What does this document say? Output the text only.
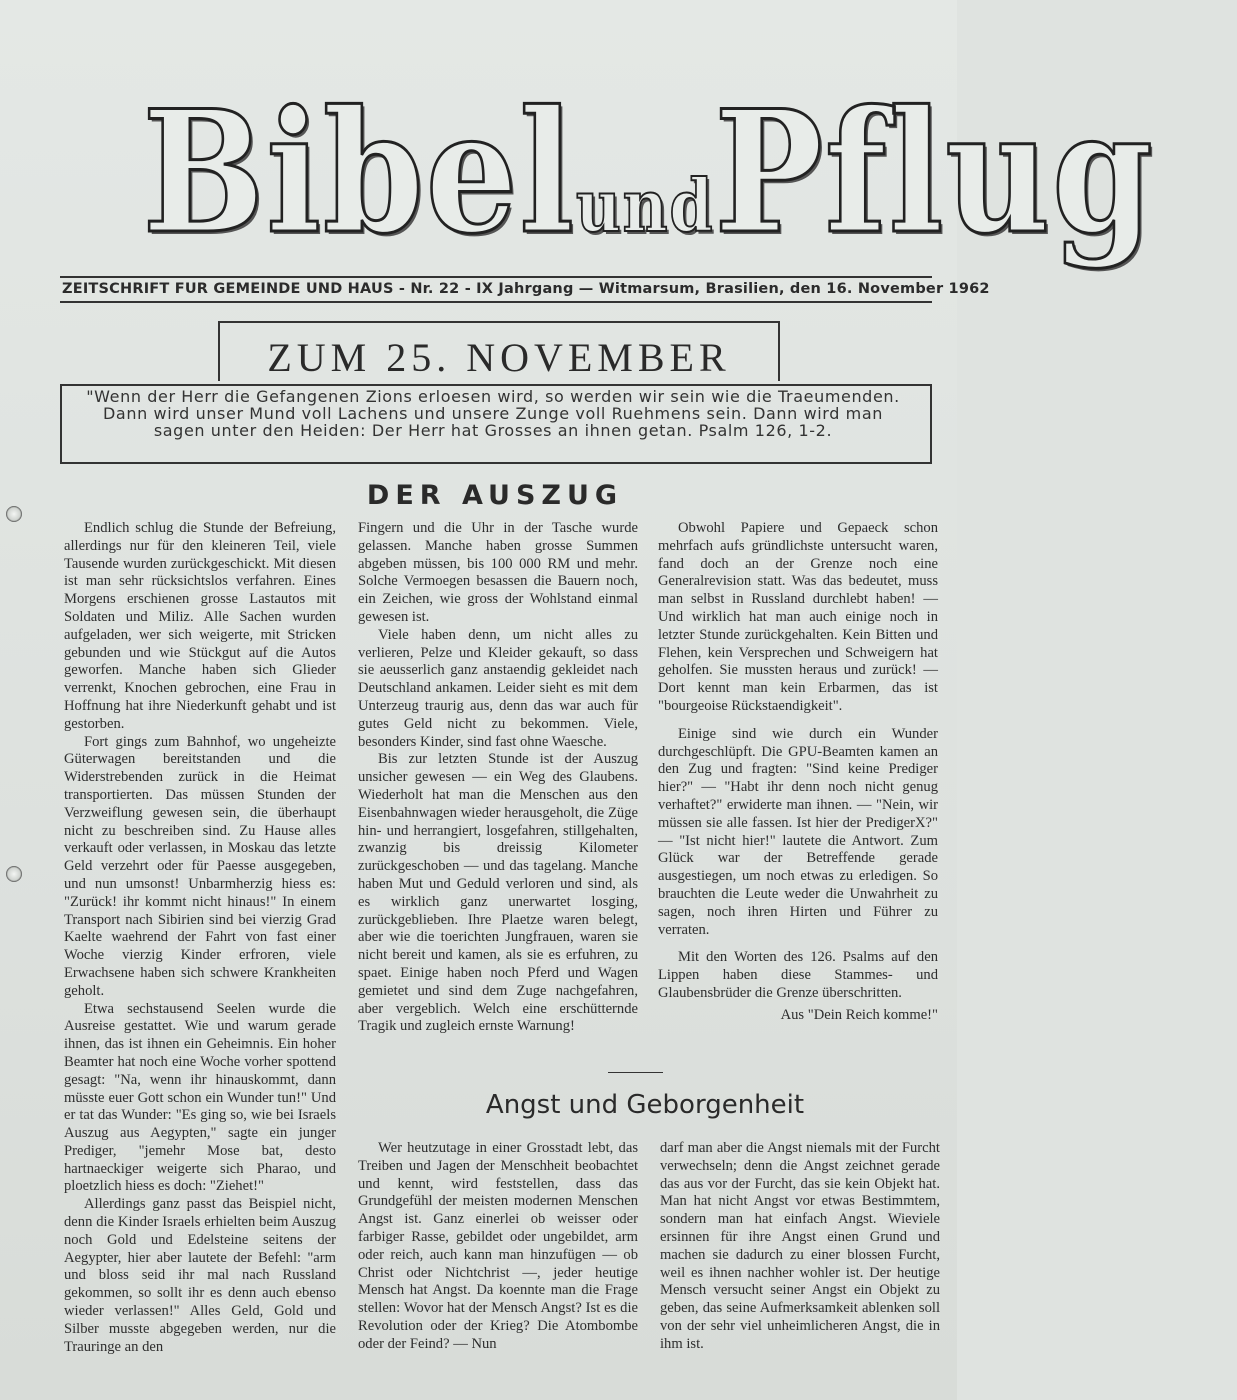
BibelundPflug
ZEITSCHRIFT FUR GEMEINDE UND HAUS - Nr. 22 - IX Jahrgang — Witmarsum, Brasilien, den 16. November 1962
ZUM 25. NOVEMBER
"Wenn der Herr die Gefangenen Zions erloesen wird, so werden wir sein wie die Traeumenden. Dann wird unser Mund voll Lachens und unsere Zunge voll Ruehmens sein. Dann wird man sagen unter den Heiden: Der Herr hat Grosses an ihnen getan. Psalm 126, 1-2.
DER AUSZUG

Endlich schlug die Stunde der Befreiung, allerdings nur für den kleineren Teil, viele Tausende wurden zurückgeschickt. Mit diesen ist man sehr rücksichtslos verfahren. Eines Morgens erschienen grosse Lastautos mit Soldaten und Miliz. Alle Sachen wurden aufgeladen, wer sich weigerte, mit Stricken gebunden und wie Stückgut auf die Autos geworfen. Manche haben sich Glieder verrenkt, Knochen gebrochen, eine Frau in Hoffnung hat ihre Niederkunft gehabt und ist gestorben.

Fort gings zum Bahnhof, wo ungeheizte Güterwagen bereitstanden und die Widerstrebenden zurück in die Heimat transportierten. Das müssen Stunden der Verzweiflung gewesen sein, die überhaupt nicht zu beschreiben sind. Zu Hause alles verkauft oder verlassen, in Moskau das letzte Geld verzehrt oder für Paesse ausgegeben, und nun umsonst! Unbarmherzig hiess es: "Zurück! ihr kommt nicht hinaus!" In einem Transport nach Sibirien sind bei vierzig Grad Kaelte waehrend der Fahrt von fast einer Woche vierzig Kinder erfroren, viele Erwachsene haben sich schwere Krankheiten geholt.

Etwa sechstausend Seelen wurde die Ausreise gestattet. Wie und warum gerade ihnen, das ist ihnen ein Geheimnis. Ein hoher Beamter hat noch eine Woche vorher spottend gesagt: "Na, wenn ihr hinauskommt, dann müsste euer Gott schon ein Wunder tun!" Und er tat das Wunder: "Es ging so, wie bei Israels Auszug aus Aegypten," sagte ein junger Prediger, "jemehr Mose bat, desto hartnaeckiger weigerte sich Pharao, und ploetzlich hiess es doch: "Ziehet!"

Allerdings ganz passt das Beispiel nicht, denn die Kinder Israels erhielten beim Auszug noch Gold und Edelsteine seitens der Aegypter, hier aber lautete der Befehl: "arm und bloss seid ihr mal nach Russland gekommen, so sollt ihr es denn auch ebenso wieder verlassen!" Alles Geld, Gold und Silber musste abgegeben werden, nur die Trauringe an den

Fingern und die Uhr in der Tasche wurde gelassen. Manche haben grosse Summen abgeben müssen, bis 100 000 RM und mehr. Solche Vermoegen besassen die Bauern noch, ein Zeichen, wie gross der Wohlstand einmal gewesen ist.

Viele haben denn, um nicht alles zu verlieren, Pelze und Kleider gekauft, so dass sie aeusserlich ganz anstaendig gekleidet nach Deutschland ankamen. Leider sieht es mit dem Unterzeug traurig aus, denn das war auch für gutes Geld nicht zu bekommen. Viele, besonders Kinder, sind fast ohne Waesche.

Bis zur letzten Stunde ist der Auszug unsicher gewesen — ein Weg des Glaubens. Wiederholt hat man die Menschen aus den Eisenbahnwagen wieder herausgeholt, die Züge hin- und herrangiert, losgefahren, stillgehalten, zwanzig bis dreissig Kilometer zurückgeschoben — und das tagelang. Manche haben Mut und Geduld verloren und sind, als es wirklich ganz unerwartet losging, zurückgeblieben. Ihre Plaetze waren belegt, aber wie die toerichten Jungfrauen, waren sie nicht bereit und kamen, als sie es erfuhren, zu spaet. Einige haben noch Pferd und Wagen gemietet und sind dem Zuge nachgefahren, aber vergeblich. Welch eine erschütternde Tragik und zugleich ernste Warnung!

Obwohl Papiere und Gepaeck schon mehrfach aufs gründlichste untersucht waren, fand doch an der Grenze noch eine Generalrevision statt. Was das bedeutet, muss man selbst in Russland durchlebt haben! — Und wirklich hat man auch einige noch in letzter Stunde zurückgehalten. Kein Bitten und Flehen, kein Versprechen und Schweigern hat geholfen. Sie mussten heraus und zurück! — Dort kennt man kein Erbarmen, das ist "bourgeoise Rückstaendigkeit".

Einige sind wie durch ein Wunder durchgeschlüpft. Die GPU-Beamten kamen an den Zug und fragten: "Sind keine Prediger hier?" — "Habt ihr denn noch nicht genug verhaftet?" erwiderte man ihnen. — "Nein, wir müssen sie alle fassen. Ist hier der PredigerX?" — "Ist nicht hier!" lautete die Antwort. Zum Glück war der Betreffende gerade ausgestiegen, um noch etwas zu erledigen. So brauchten die Leute weder die Unwahrheit zu sagen, noch ihren Hirten und Führer zu verraten.

Mit den Worten des 126. Psalms auf den Lippen haben diese Stammes- und Glaubensbrüder die Grenze überschritten.

Aus "Dein Reich komme!"

Angst und Geborgenheit

Wer heutzutage in einer Grosstadt lebt, das Treiben und Jagen der Menschheit beobachtet und kennt, wird feststellen, dass das Grundgefühl der meisten modernen Menschen Angst ist. Ganz einerlei ob weisser oder farbiger Rasse, gebildet oder ungebildet, arm oder reich, auch kann man hinzufügen — ob Christ oder Nichtchrist —, jeder heutige Mensch hat Angst. Da koennte man die Frage stellen: Wovor hat der Mensch Angst? Ist es die Revolution oder der Krieg? Die Atombombe oder der Feind? — Nun

darf man aber die Angst niemals mit der Furcht verwechseln; denn die Angst zeichnet gerade das aus vor der Furcht, das sie kein Objekt hat. Man hat nicht Angst vor etwas Bestimmtem, sondern man hat einfach Angst. Wieviele ersinnen für ihre Angst einen Grund und machen sie dadurch zu einer blossen Furcht, weil es ihnen nachher wohler ist. Der heutige Mensch versucht seiner Angst ein Objekt zu geben, das seine Aufmerksamkeit ablenken soll von der sehr viel unheimlicheren Angst, die in ihm ist.
